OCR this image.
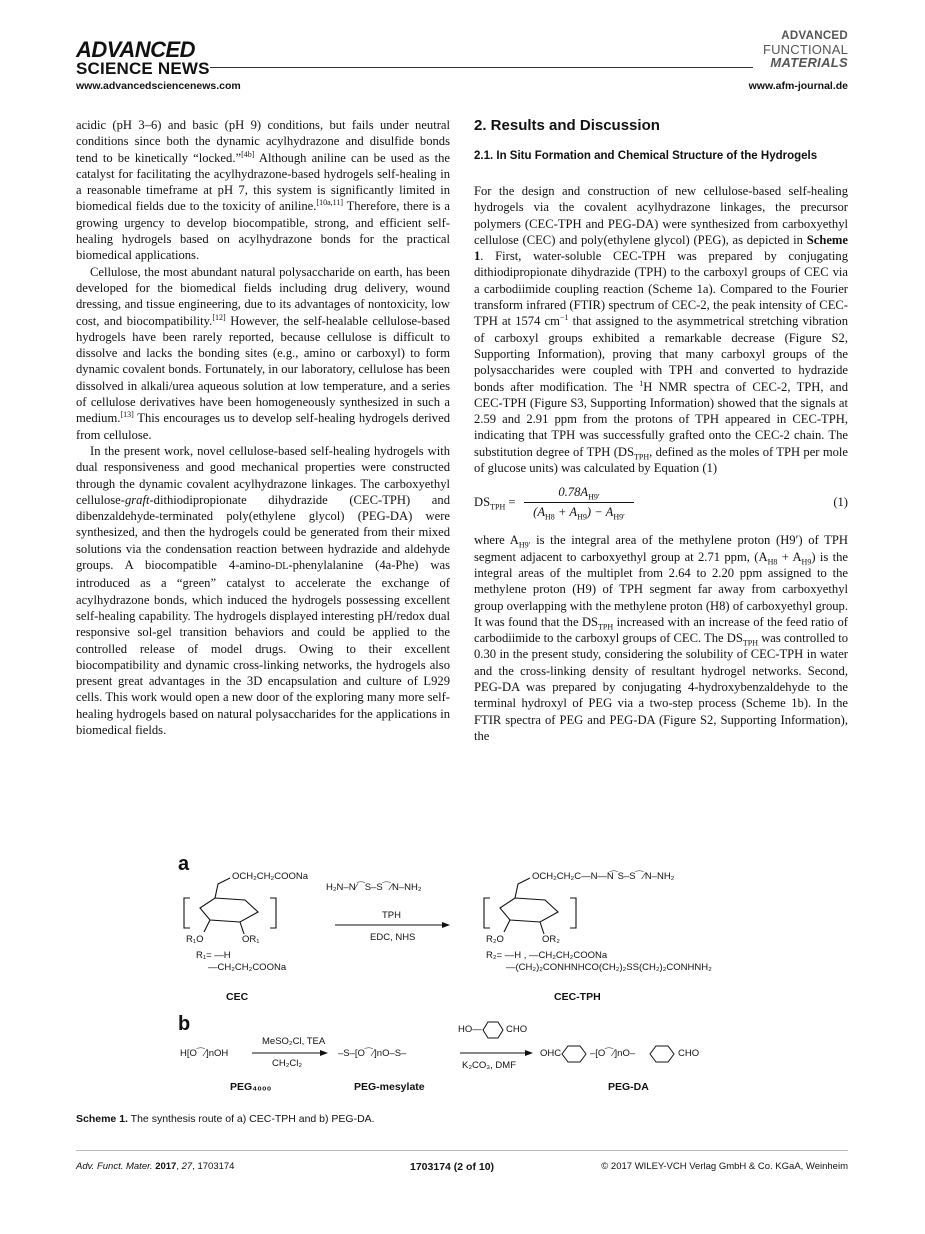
ADVANCED
SCIENCE NEWS
www.advancedsciencenews.com
ADVANCED
FUNCTIONAL
MATERIALS
www.afm-journal.de

acidic (pH 3–6) and basic (pH 9) conditions, but fails under neutral conditions since both the dynamic acylhydrazone and disulfide bonds tend to be kinetically “locked.”[4b] Although aniline can be used as the catalyst for facilitating the acylhydrazone-based hydrogels self-healing in a reasonable timeframe at pH 7, this system is significantly limited in biomedical fields due to the toxicity of aniline.[10a,11] Therefore, there is a growing urgency to develop biocompatible, strong, and efficient self-healing hydrogels based on acylhydrazone bonds for the practical biomedical applications.

Cellulose, the most abundant natural polysaccharide on earth, has been developed for the biomedical fields including drug delivery, wound dressing, and tissue engineering, due to its advantages of nontoxicity, low cost, and biocompatibility.[12] However, the self-healable cellulose-based hydrogels have been rarely reported, because cellulose is difficult to dissolve and lacks the bonding sites (e.g., amino or carboxyl) to form dynamic covalent bonds. Fortunately, in our laboratory, cellulose has been dissolved in alkali/urea aqueous solution at low temperature, and a series of cellulose derivatives have been homogeneously synthesized in such a medium.[13] This encourages us to develop self-healing hydrogels derived from cellulose.

In the present work, novel cellulose-based self-healing hydrogels with dual responsiveness and good mechanical properties were constructed through the dynamic covalent acylhydrazone linkages. The carboxyethyl cellulose-graft-dithiodipropionate dihydrazide (CEC-TPH) and dibenzaldehyde-terminated poly(ethylene glycol) (PEG-DA) were synthesized, and then the hydrogels could be generated from their mixed solutions via the condensation reaction between hydrazide and aldehyde groups. A biocompatible 4-amino-DL-phenylalanine (4a-Phe) was introduced as a “green” catalyst to accelerate the exchange of acylhydrazone bonds, which induced the hydrogels possessing excellent self-healing capability. The hydrogels displayed interesting pH/redox dual responsive sol-gel transition behaviors and could be applied to the controlled release of model drugs. Owing to their excellent biocompatibility and dynamic cross-linking networks, the hydrogels also present great advantages in the 3D encapsulation and culture of L929 cells. This work would open a new door of the exploring many more self-healing hydrogels based on natural polysaccharides for the applications in biomedical fields.

2. Results and Discussion
2.1. In Situ Formation and Chemical Structure of the Hydrogels

For the design and construction of new cellulose-based self-healing hydrogels via the covalent acylhydrazone linkages, the precursor polymers (CEC-TPH and PEG-DA) were synthesized from carboxyethyl cellulose (CEC) and poly(ethylene glycol) (PEG), as depicted in Scheme 1. First, water-soluble CEC-TPH was prepared by conjugating dithiodipropionate dihydrazide (TPH) to the carboxyl groups of CEC via a carbodiimide coupling reaction (Scheme 1a). Compared to the Fourier transform infrared (FTIR) spectrum of CEC-2, the peak intensity of CEC-TPH at 1574 $cm^{-1}$ that assigned to the asymmetrical stretching vibration of carboxyl groups exhibited a remarkable decrease (Figure S2, Supporting Information), proving that many carboxyl groups of the polysaccharides were coupled with TPH and converted to hydrazide bonds after modification. The $^1$H NMR spectra of CEC-2, TPH, and CEC-TPH (Figure S3, Supporting Information) showed that the signals at 2.59 and 2.91 ppm from the protons of TPH appeared in CEC-TPH, indicating that TPH was successfully grafted onto the CEC-2 chain. The substitution degree of TPH ($DS_{TPH}$, defined as the moles of TPH per mole of glucose units) was calculated by Equation (1)

$DS_{TPH} = \frac{0.78A_{H9'}}{(A_{H8} + A_{H9}) - A_{H9'}}$	(1)

where $A_{H9'}$ is the integral area of the methylene proton (H9′) of TPH segment adjacent to carboxyethyl group at 2.71 ppm, $(A_{H8} + A_{H9})$ is the integral areas of the multiplet from 2.64 to 2.20 ppm assigned to the methylene proton (H9) of TPH segment far away from carboxyethyl group overlapping with the methylene proton (H8) of carboxyethyl group. It was found that the $DS_{TPH}$ increased with an increase of the feed ratio of carbodiimide to the carboxyl groups of CEC. The $DS_{TPH}$ was controlled to 0.30 in the present study, considering the solubility of CEC-TPH in water and the cross-linking density of resultant hydrogel networks. Second, PEG-DA was prepared by conjugating 4-hydroxybenzaldehyde to the terminal hydroxyl of PEG via a two-step process (Scheme 1b). In the FTIR spectra of PEG and PEG-DA (Figure S2, Supporting Information), the

a
OCH₂CH₂COONa
R₁O	OR₁
R₁= —H
—CH₂CH₂COONa
CEC
H₂N–N⁄⁀S–S⁀⁄N–NH₂
TPH
EDC, NHS
OCH₂CH₂C—N—N
⁀S–S⁀⁄N–NH₂
R₂O	OR₂
R₂= —H , —CH₂CH₂COONa
—(CH₂)₂CONHNHCO(CH₂)₂SS(CH₂)₂CONHNH₂
CEC-TPH
b
H[O⁀⁄]nOH
PEG₄₀₀₀
MeSO₂Cl, TEA
CH₂Cl₂
–S–[O⁀⁄]nO–S–
PEG-mesylate
HO—	CHO
K₂CO₃, DMF
OHC	–[O⁀⁄]nO–	CHO
PEG-DA
Scheme 1. The synthesis route of a) CEC-TPH and b) PEG-DA.
Adv. Funct. Mater. 2017, 27, 1703174	1703174 (2 of 10)	© 2017 WILEY-VCH Verlag GmbH & Co. KGaA, Weinheim
